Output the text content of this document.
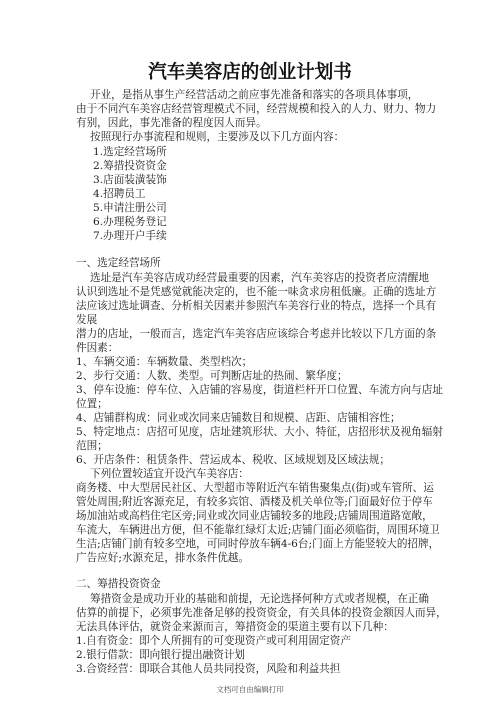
汽车美容店的创业计划书
开业，是指从事生产经营活动之前应事先准备和落实的各项具体事项，
由于不同汽车美容店经营管理模式不同，经营规模和投入的人力、财力、物力
有别，因此，事先准备的程度因人而异。
按照现行办事流程和规则，主要涉及以下几方面内容：
1.选定经营场所
2.筹措投资资金
3.店面装潢装饰
4.招聘员工
5.申请注册公司
6.办理税务登记
7.办理开户手续
一、选定经营场所
选址是汽车美容店成功经营最重要的因素，汽车美容店的投资者应清醒地
认识到选址不是凭感觉就能决定的，也不能一味贪求房租低廉。正确的选址方
法应该过选址调查、分析相关因素并参照汽车美容行业的特点，选择一个具有
发展
潜力的店址，一般而言，选定汽车美容店应该综合考虑并比较以下几方面的条
件因素：
1、车辆交通：车辆数量、类型档次；
2、步行交通：人数、类型。可判断店址的热闹、繁华度；
3、停车设施：停车位、入店铺的容易度，街道栏杆开口位置、车流方向与店址
位置；
4、店铺群构成：同业或次同来店铺数目和规模、店距、店铺相容性；
5、特定地点：店招可见度，店址建筑形状、大小、特征，店招形状及视角辐射
范围；
6、开店条件：租赁条件、营运成本、税收、区域规划及区域法规；
下列位置较适宜开设汽车美容店：
商务楼、中大型居民社区、大型超市等附近汽车销售聚集点(街)或车管所、运
管处周围;附近客源充足，有较多宾馆、酒楼及机关单位等;门面最好位于停车
场加油站或高档住宅区旁;同业或次同业店铺较多的地段;店铺周围道路宽敞，
车流大，车辆进出方便，但不能靠红绿灯太近;店铺门面必须临街，周围环境卫
生洁;店铺门前有较多空地，可同时停放车辆4-6台;门面上方能竖较大的招牌，
广告应好;水源充足，排水条件优越。
二、筹措投资资金
筹措资金是成功开业的基础和前提，无论选择何种方式或者规模，在正确
估算的前提下，必须事先准备足够的投资资金，有关具体的投资金额因人而异，
无法具体评估，就资金来源而言，筹措资金的渠道主要有以下几种：
1.自有资金：即个人所拥有的可变现资产或可利用固定资产
2.银行借款：即向银行提出融资计划
3.合资经营：即联合其他人员共同投资，风险和利益共担
文档可自由编辑打印
